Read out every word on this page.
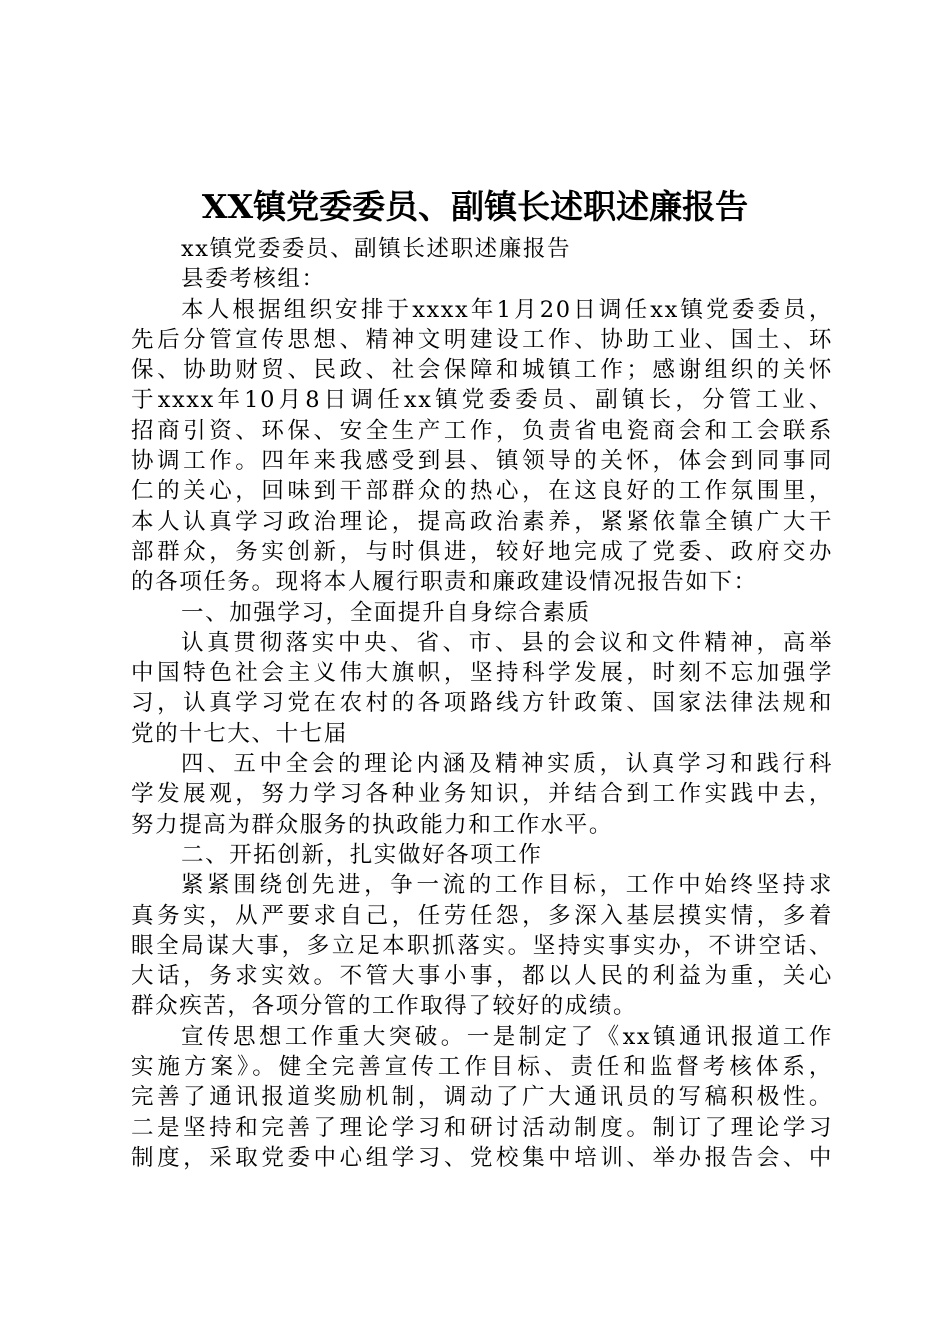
XX镇党委委员、副镇长述职述廉报告
xx镇党委委员、副镇长述职述廉报告
县委考核组：
本人根据组织安排于xxxx年1月20日调任xx镇党委委员，
先后分管宣传思想、精神文明建设工作、协助工业、国土、环
保、协助财贸、民政、社会保障和城镇工作；感谢组织的关怀
于xxxx年10月8日调任xx镇党委委员、副镇长，分管工业、
招商引资、环保、安全生产工作，负责省电瓷商会和工会联系
协调工作。四年来我感受到县、镇领导的关怀，体会到同事同
仁的关心，回味到干部群众的热心，在这良好的工作氛围里，
本人认真学习政治理论，提高政治素养，紧紧依靠全镇广大干
部群众，务实创新，与时俱进，较好地完成了党委、政府交办
的各项任务。现将本人履行职责和廉政建设情况报告如下：
一、加强学习，全面提升自身综合素质
认真贯彻落实中央、省、市、县的会议和文件精神，高举
中国特色社会主义伟大旗帜，坚持科学发展，时刻不忘加强学
习，认真学习党在农村的各项路线方针政策、国家法律法规和
党的十七大、十七届
四、五中全会的理论内涵及精神实质，认真学习和践行科
学发展观，努力学习各种业务知识，并结合到工作实践中去，
努力提高为群众服务的执政能力和工作水平。
二、开拓创新，扎实做好各项工作
紧紧围绕创先进，争一流的工作目标，工作中始终坚持求
真务实，从严要求自己，任劳任怨，多深入基层摸实情，多着
眼全局谋大事，多立足本职抓落实。坚持实事实办，不讲空话、
大话，务求实效。不管大事小事，都以人民的利益为重，关心
群众疾苦，各项分管的工作取得了较好的成绩。
宣传思想工作重大突破。一是制定了《xx镇通讯报道工作
实施方案》。健全完善宣传工作目标、责任和监督考核体系，
完善了通讯报道奖励机制，调动了广大通讯员的写稿积极性。
二是坚持和完善了理论学习和研讨活动制度。制订了理论学习
制度，采取党委中心组学习、党校集中培训、举办报告会、中
